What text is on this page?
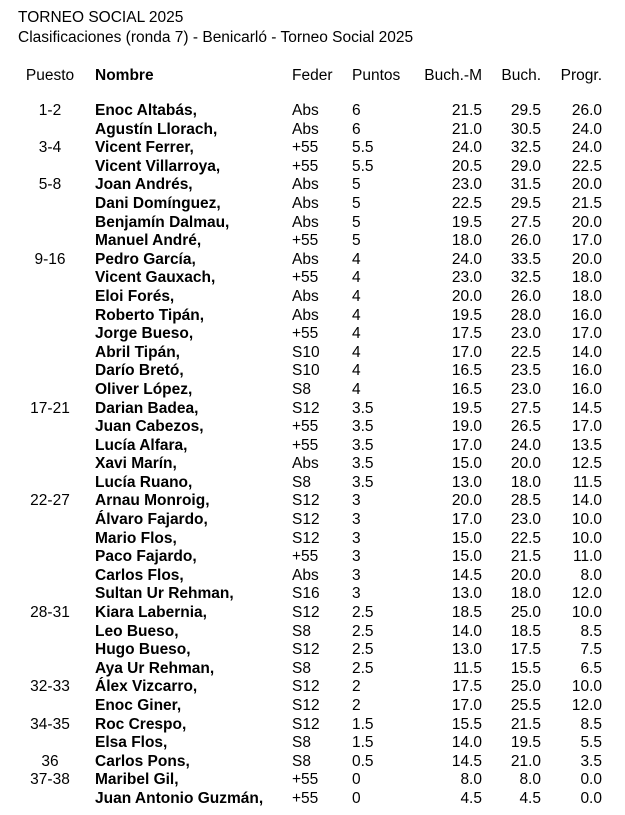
TORNEO SOCIAL 2025
Clasificaciones (ronda 7) - Benicarló - Torneo Social 2025
Puesto Nombre	Feder Puntos Buch.-M	Buch.	Progr.
1-2	Enoc Altabás,	Abs 6	21.5	29.5	26.0
Agustín Llorach,	Abs 6	21.0	30.5	24.0
3-4	Vicent Ferrer,	+55 5.5	24.0	32.5	24.0
Vicent Villarroya,	+55 5.5	20.5	29.0	22.5
5-8	Joan Andrés,	Abs 5	23.0	31.5	20.0
Dani Domínguez,	Abs 5	22.5	29.5	21.5
Benjamín Dalmau,	Abs 5	19.5	27.5	20.0
Manuel André,	+55 5	18.0	26.0	17.0
9-16	Pedro García,	Abs 4	24.0	33.5	20.0
Vicent Gauxach,	+55 4	23.0	32.5	18.0
Eloi Forés,	Abs 4	20.0	26.0	18.0
Roberto Tipán,	Abs 4	19.5	28.0	16.0
Jorge Bueso,	+55 4	17.5	23.0	17.0
Abril Tipán,	S10 4	17.0	22.5	14.0
Darío Bretó,	S10 4	16.5	23.5	16.0
Oliver López,	S8	4	16.5	23.0	16.0
17-21	Darian Badea,	S12 3.5	19.5	27.5	14.5
Juan Cabezos,	+55 3.5	19.0	26.5	17.0
Lucía Alfara,	+55 3.5	17.0	24.0	13.5
Xavi Marín,	Abs 3.5	15.0	20.0	12.5
Lucía Ruano,	S8	3.5	13.0	18.0	11.5
22-27	Arnau Monroig,	S12 3	20.0	28.5	14.0
Álvaro Fajardo,	S12 3	17.0	23.0	10.0
Mario Flos,	S12 3	15.0	22.5	10.0
Paco Fajardo,	+55 3	15.0	21.5	11.0
Carlos Flos,	Abs 3	14.5	20.0	8.0
Sultan Ur Rehman,	S16 3	13.0	18.0	12.0
28-31	Kiara Labernia,	S12 2.5	18.5	25.0	10.0
Leo Bueso,	S8	2.5	14.0	18.5	8.5
Hugo Bueso,	S12 2.5	13.0	17.5	7.5
Aya Ur Rehman,	S8	2.5	11.5	15.5	6.5
32-33	Álex Vizcarro,	S12 2	17.5	25.0	10.0
Enoc Giner,	S12 2	17.0	25.5	12.0
34-35	Roc Crespo,	S12 1.5	15.5	21.5	8.5
Elsa Flos,	S8	1.5	14.0	19.5	5.5
36	Carlos Pons,	S8	0.5	14.5	21.0	3.5
37-38	Maribel Gil,	+55 0	8.0	8.0	0.0
Juan Antonio Guzmán, +55 0	4.5	4.5	0.0
